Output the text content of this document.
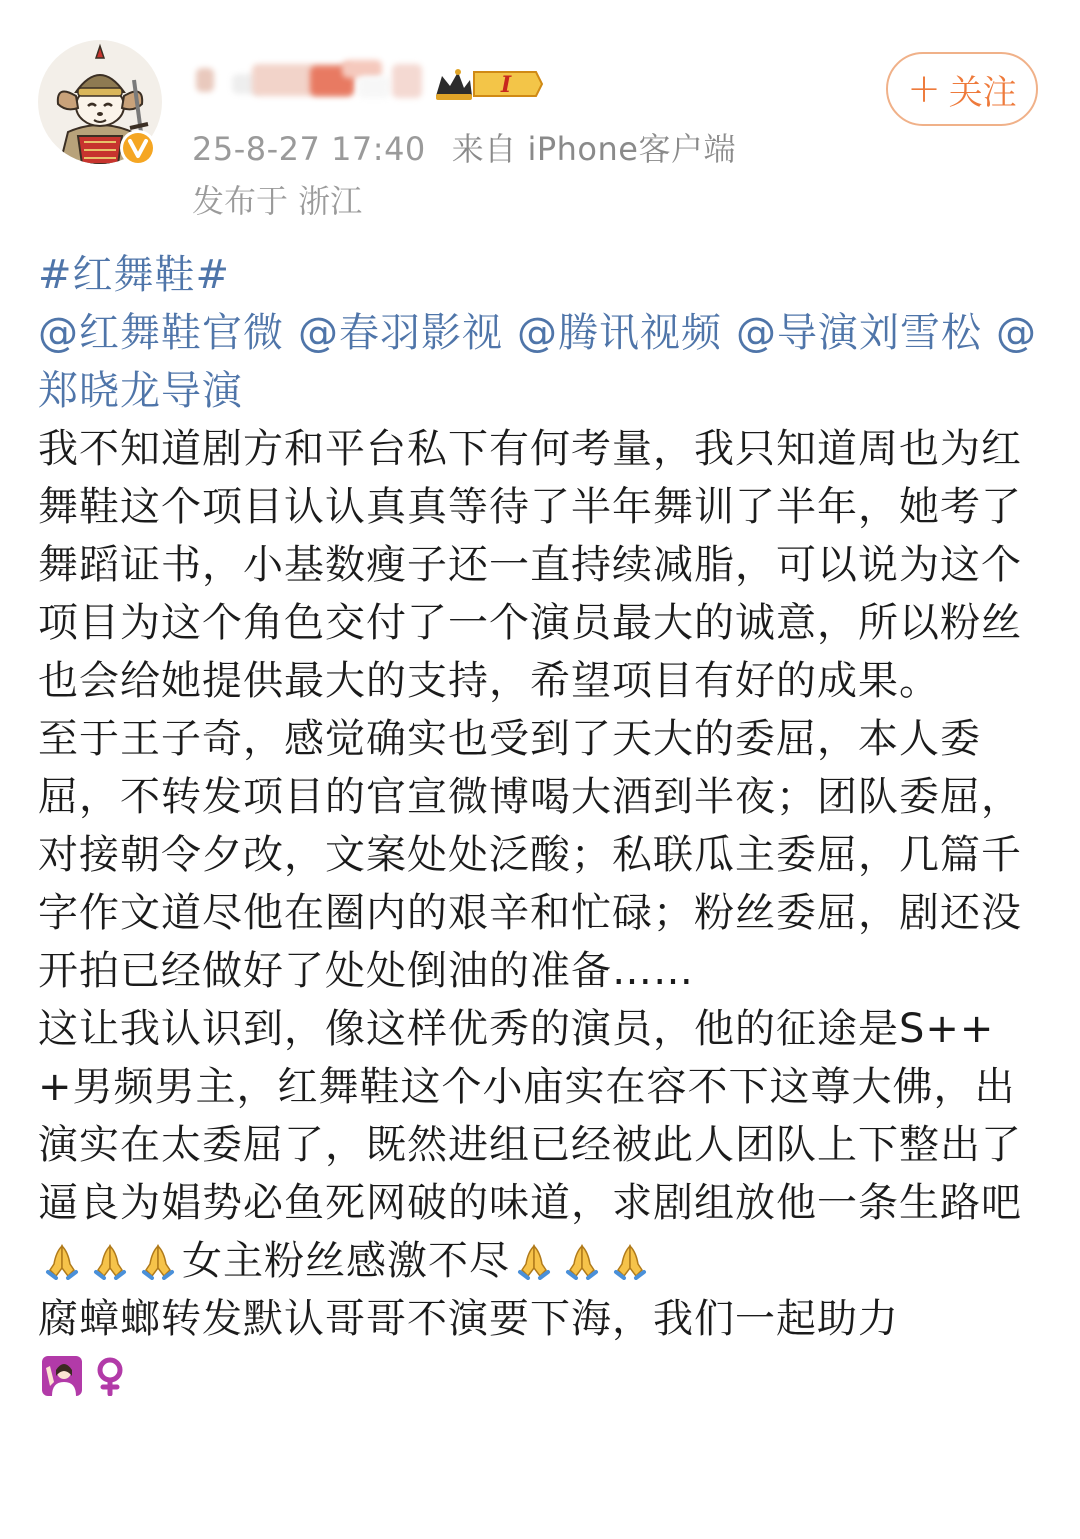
I
25-8-27 17:40 来自 iPhone客户端
发布于 浙江
+ 关注

#红舞鞋#

@红舞鞋官微 @春羽影视 @腾讯视频 @导演刘雪松 @郑晓龙导演

我不知道剧方和平台私下有何考量，我只知道周也为红舞鞋这个项目认认真真等待了半年舞训了半年，她考了舞蹈证书，小基数瘦子还一直持续减脂，可以说为这个项目为这个角色交付了一个演员最大的诚意，所以粉丝也会给她提供最大的支持，希望项目有好的成果。

至于王子奇，感觉确实也受到了天大的委屈，本人委屈，不转发项目的官宣微博喝大酒到半夜；团队委屈，对接朝令夕改，文案处处泛酸；私联瓜主委屈，几篇千字作文道尽他在圈内的艰辛和忙碌；粉丝委屈，剧还没开拍已经做好了处处倒油的准备……

这让我认识到，像这样优秀的演员，他的征途是S+++男频男主，红舞鞋这个小庙实在容不下这尊大佛，出演实在太委屈了，既然进组已经被此人团队上下整出了逼良为娼势必鱼死网破的味道，求剧组放他一条生路吧
女主粉丝感激不尽

腐蟑螂转发默认哥哥不演要下海，我们一起助力
